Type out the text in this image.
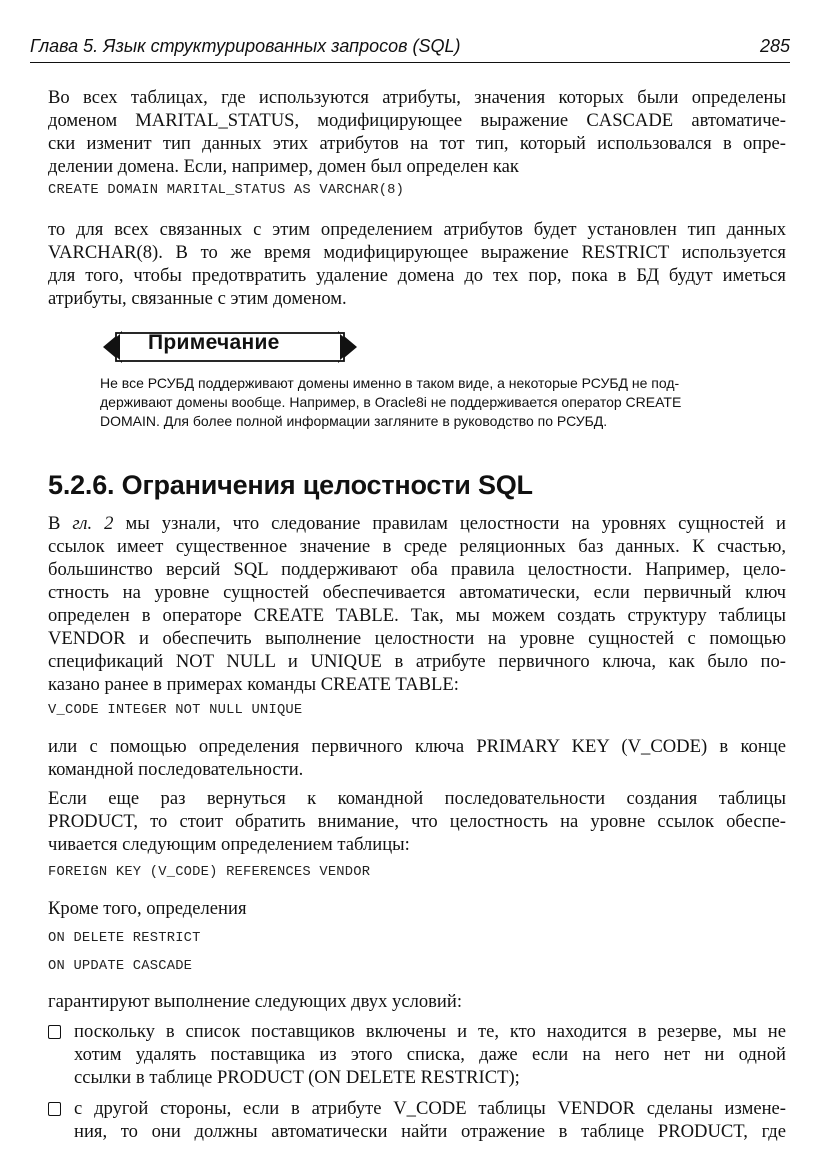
Глава 5. Язык структурированных запросов (SQL)	285
Во всех таблицах, где используются атрибуты, значения которых были определены
доменом MARITAL_STATUS, модифицирующее выражение CASCADE автоматиче-
ски изменит тип данных этих атрибутов на тот тип, который использовался в опре-
делении домена. Если, например, домен был определен как
CREATE DOMAIN MARITAL_STATUS AS VARCHAR(8)
то для всех связанных с этим определением атрибутов будет установлен тип данных
VARCHAR(8). В то же время модифицирующее выражение RESTRICT используется
для того, чтобы предотвратить удаление домена до тех пор, пока в БД будут иметься
атрибуты, связанные с этим доменом.
Примечание
Не все РСУБД поддерживают домены именно в таком виде, а некоторые РСУБД не под-
держивают домены вообще. Например, в Oracle8i не поддерживается оператор CREATE
DOMAIN. Для более полной информации загляните в руководство по РСУБД.
5.2.6. Ограничения целостности SQL
В гл. 2 мы узнали, что следование правилам целостности на уровнях сущностей и
ссылок имеет существенное значение в среде реляционных баз данных. К счастью,
большинство версий SQL поддерживают оба правила целостности. Например, цело-
стность на уровне сущностей обеспечивается автоматически, если первичный ключ
определен в операторе CREATE TABLE. Так, мы можем создать структуру таблицы
VENDOR и обеспечить выполнение целостности на уровне сущностей с помощью
спецификаций NOT NULL и UNIQUE в атрибуте первичного ключа, как было по-
казано ранее в примерах команды CREATE TABLE:
V_CODE INTEGER NOT NULL UNIQUE
или с помощью определения первичного ключа PRIMARY KEY (V_CODE) в конце
командной последовательности.
Если еще раз вернуться к командной последовательности создания таблицы
PRODUCT, то стоит обратить внимание, что целостность на уровне ссылок обеспе-
чивается следующим определением таблицы:
FOREIGN KEY (V_CODE) REFERENCES VENDOR
Кроме того, определения
ON DELETE RESTRICT
ON UPDATE CASCADE
гарантируют выполнение следующих двух условий:
поскольку в список поставщиков включены и те, кто находится в резерве, мы не
хотим удалять поставщика из этого списка, даже если на него нет ни одной
ссылки в таблице PRODUCT (ON DELETE RESTRICT);
с другой стороны, если в атрибуте V_CODE таблицы VENDOR сделаны измене-
ния, то они должны автоматически найти отражение в таблице PRODUCT, где
